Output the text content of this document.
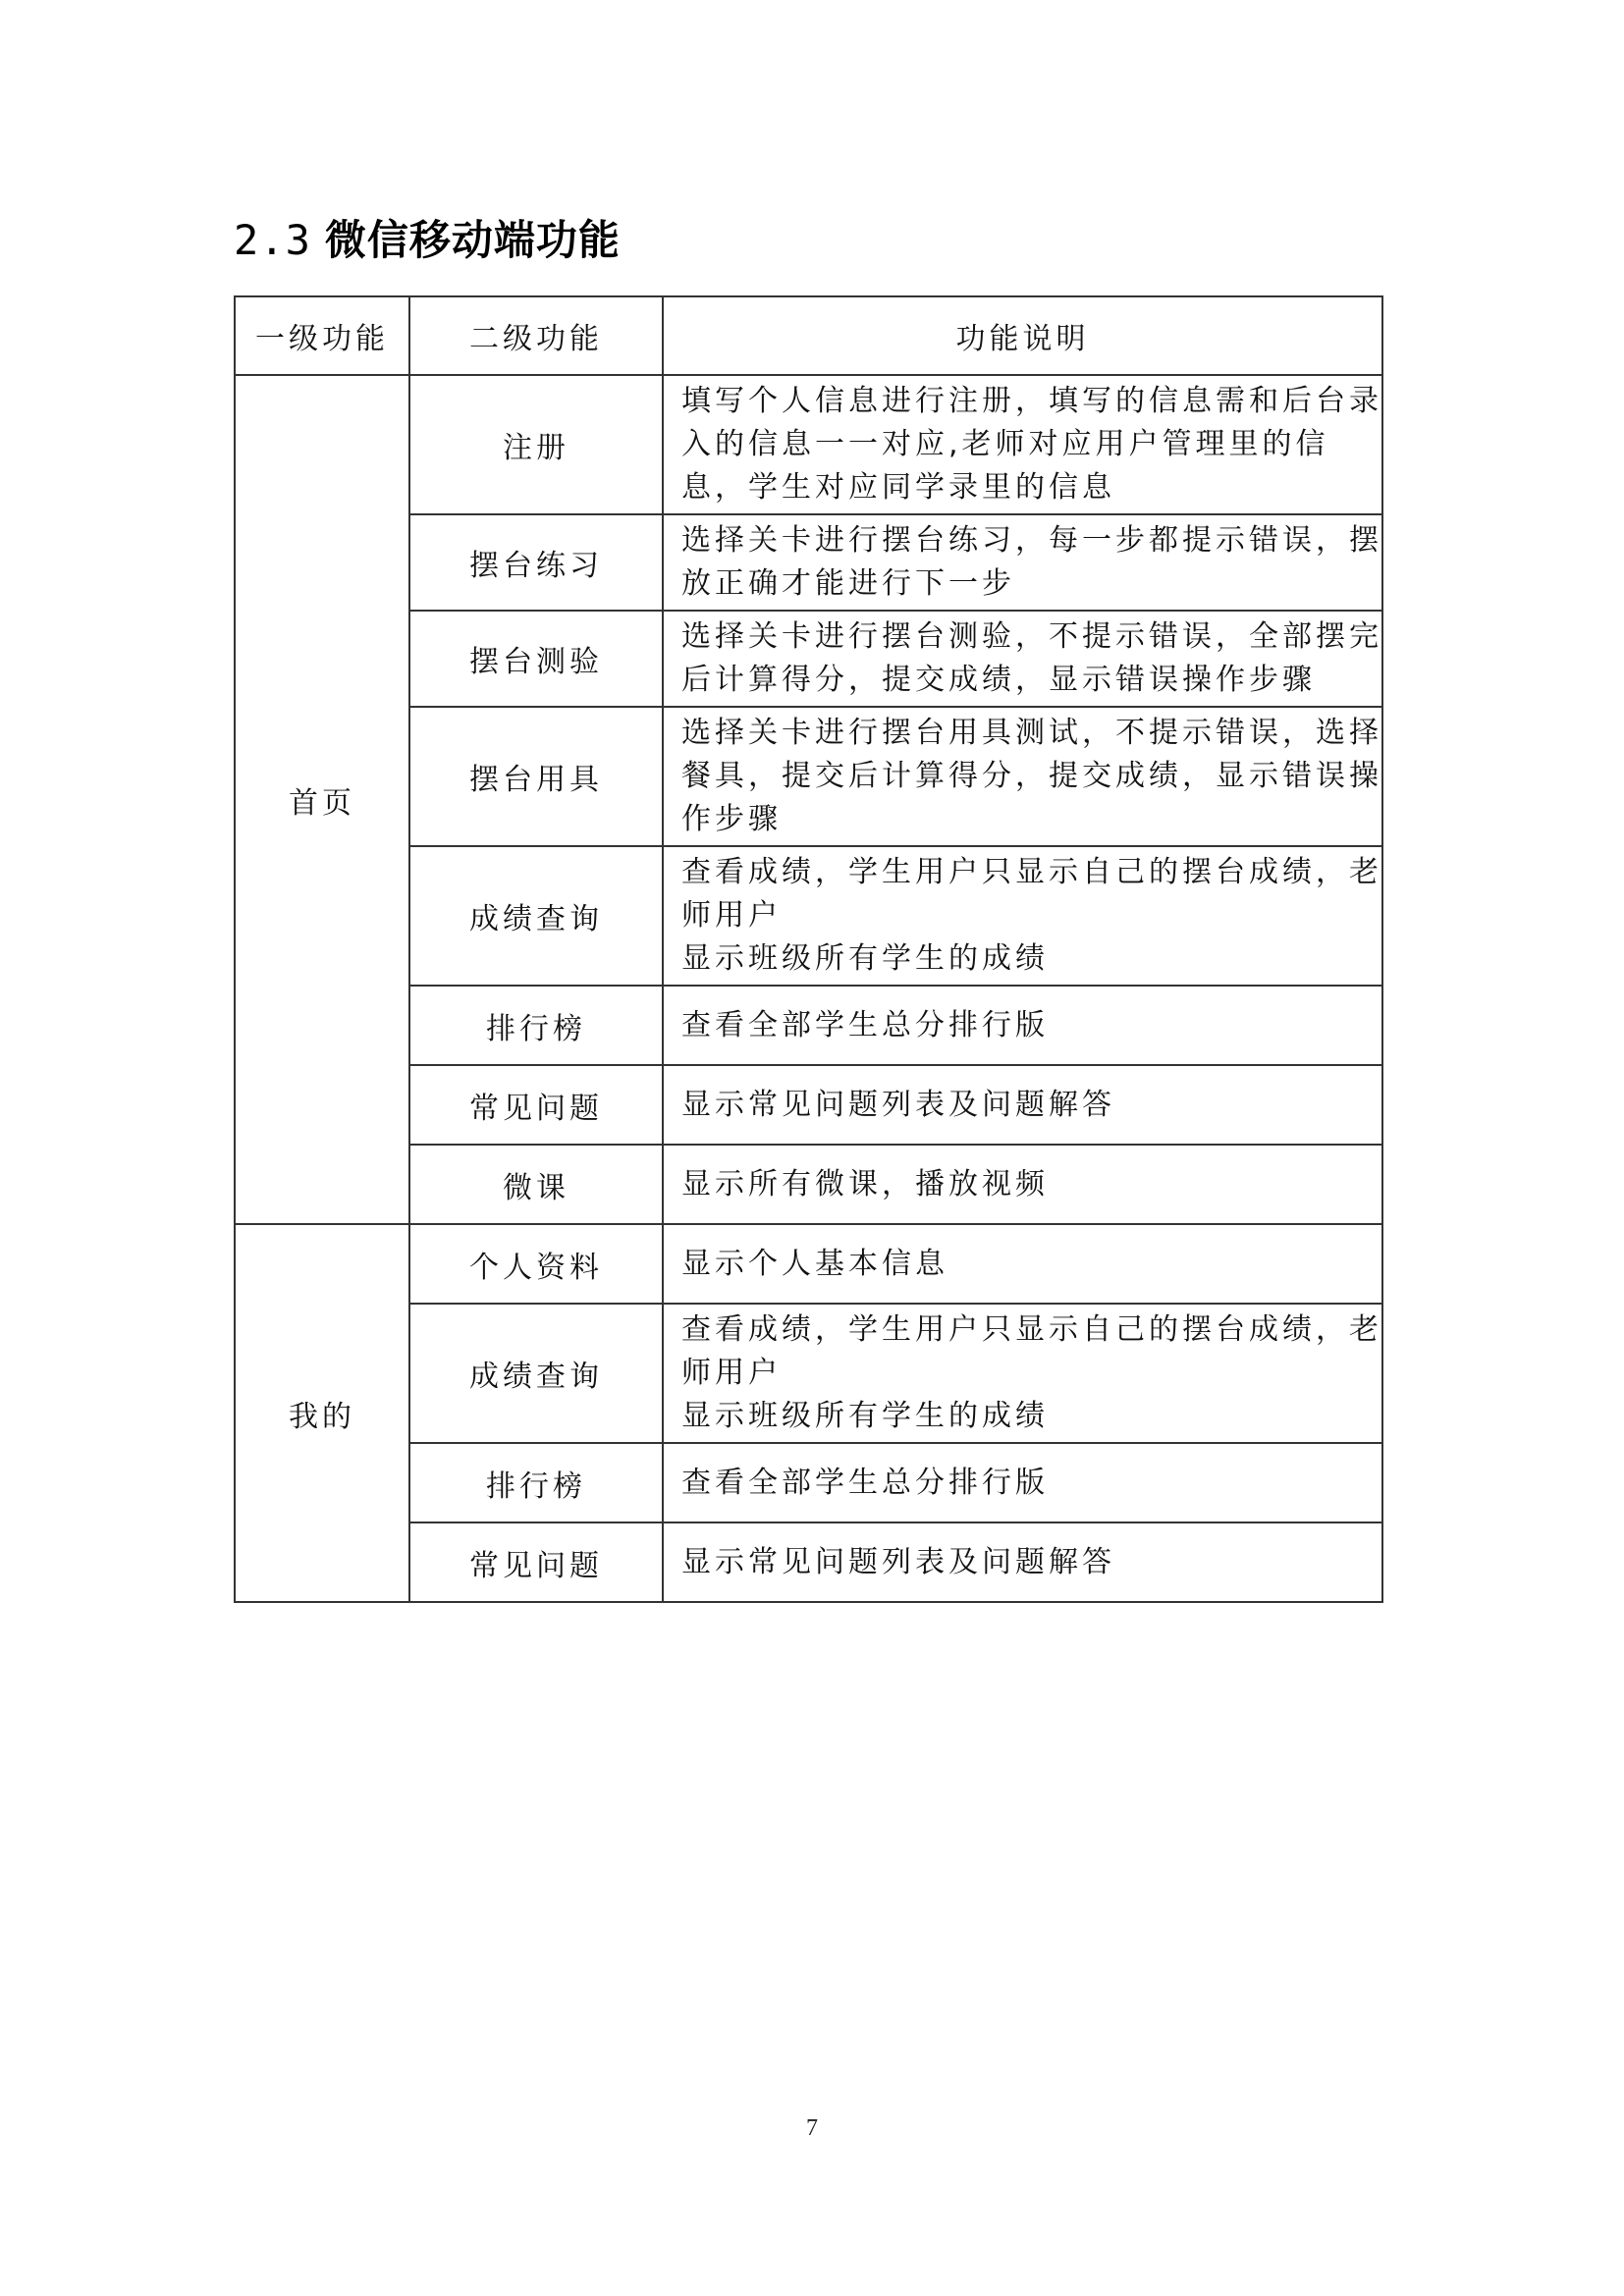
2.3 微信移动端功能
一级功能	二级功能	功能说明
首页	注册	填写个人信息进行注册，填写的信息需和后台录
入的信息一一对应,老师对应用户管理里的信
息，学生对应同学录里的信息

	摆台练习	选择关卡进行摆台练习，每一步都提示错误，摆
放正确才能进行下一步

	摆台测验	选择关卡进行摆台测验，不提示错误，全部摆完
后计算得分，提交成绩，显示错误操作步骤

	摆台用具	选择关卡进行摆台用具测试，不提示错误，选择
餐具，提交后计算得分，提交成绩，显示错误操
作步骤

	成绩查询	查看成绩，学生用户只显示自己的摆台成绩，老
师用户
显示班级所有学生的成绩

	排行榜	查看全部学生总分排行版

	常见问题	显示常见问题列表及问题解答

	微课	显示所有微课，播放视频

我的	个人资料	显示个人基本信息

	成绩查询	查看成绩，学生用户只显示自己的摆台成绩，老
师用户
显示班级所有学生的成绩

	排行榜	查看全部学生总分排行版

	常见问题	显示常见问题列表及问题解答
7
